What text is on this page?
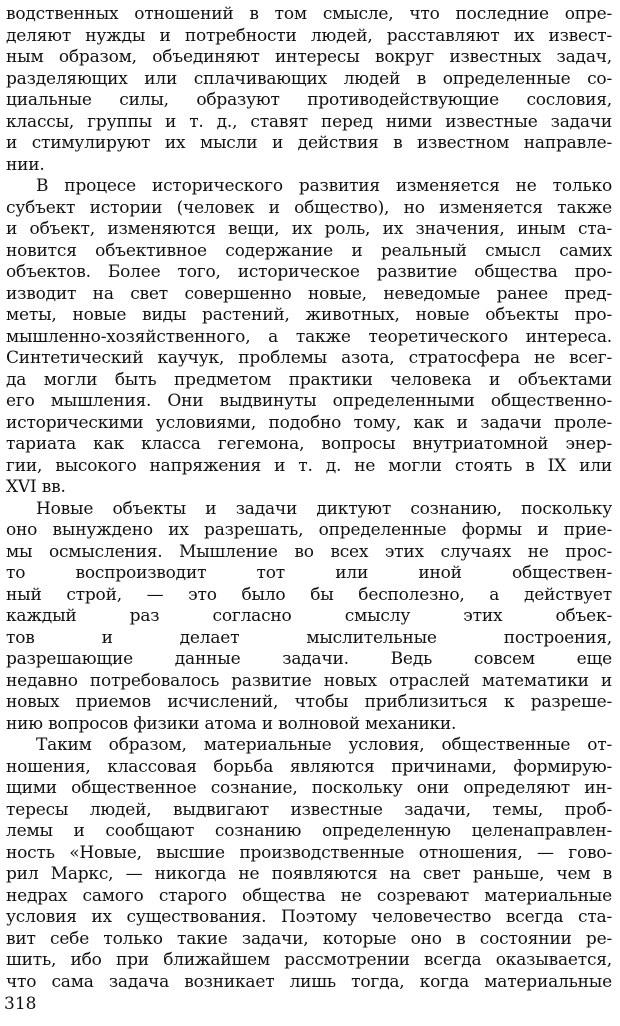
водственных отношений в том смысле, что последние опре-
деляют нужды и потребности людей, расставляют их извест-
ным образом, объединяют интересы вокруг известных задач,
разделяющих или сплачивающих людей в определенные со-
циальные силы, образуют противодействующие сословия,
классы, группы и т. д., ставят перед ними известные задачи
и стимулируют их мысли и действия в известном направле-
нии.
В процесе исторического развития изменяется не только
субъект истории (человек и общество), но изменяется также
и объект, изменяются вещи, их роль, их значения, иным ста-
новится объективное содержание и реальный смысл самих
объектов. Более того, историческое развитие общества про-
изводит на свет совершенно новые, неведомые ранее пред-
меты, новые виды растений, животных, новые объекты про-
мышленно-хозяйственного, а также теоретического интереса.
Синтетический каучук, проблемы азота, стратосфера не всег-
да могли быть предметом практики человека и объектами
его мышления. Они выдвинуты определенными общественно-
историческими условиями, подобно тому, как и задачи проле-
тариата как класса гегемона, вопросы внутриатомной энер-
гии, высокого напряжения и т. д. не могли стоять в IX или
XVI вв.
Новые объекты и задачи диктуют сознанию, поскольку
оно вынуждено их разрешать, определенные формы и прие-
мы осмысления. Мышление во всех этих случаях не прос-
то воспроизводит тот или иной обществен-
ный строй, — это было бы бесполезно, а действует
каждый раз согласно смыслу этих объек-
тов и делает мыслительные построения,
разрешающие данные задачи. Ведь совсем еще
недавно потребовалось развитие новых отраслей математики и
новых приемов исчислений, чтобы приблизиться к разреше-
нию вопросов физики атома и волновой механики.
Таким образом, материальные условия, общественные от-
ношения, классовая борьба являются причинами, формирую-
щими общественное сознание, поскольку они определяют ин-
тересы людей, выдвигают известные задачи, темы, проб-
лемы и сообщают сознанию определенную целенаправлен-
ность «Новые, высшие производственные отношения, — гово-
рил Маркс, — никогда не появляются на свет раньше, чем в
недрах самого старого общества не созревают материальные
условия их существования. Поэтому человечество всегда ста-
вит себе только такие задачи, которые оно в состоянии ре-
шить, ибо при ближайшем рассмотрении всегда оказывается,
что сама задача возникает лишь тогда, когда материальные
318
